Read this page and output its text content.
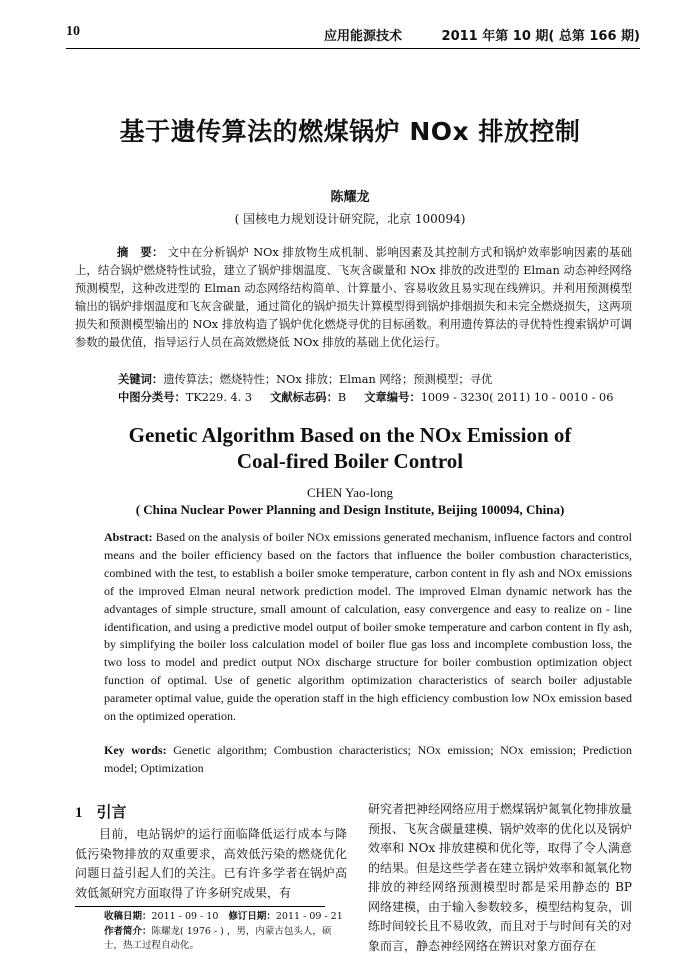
10	应用能源技术	2011 年第 10 期( 总第 166 期)
基于遗传算法的燃煤锅炉 NOx 排放控制
陈耀龙
( 国核电力规划设计研究院，北京 100094)
摘　要： 文中在分析锅炉 NOx 排放物生成机制、影响因素及其控制方式和锅炉效率影响因素的基础上，结合锅炉燃烧特性试验，建立了锅炉排烟温度、飞灰含碳量和 NOx 排放的改进型的 Elman 动态神经网络预测模型，这种改进型的 Elman 动态网络结构简单、计算量小、容易收敛且易实现在线辨识。并利用预测模型输出的锅炉排烟温度和飞灰含碳量，通过简化的锅炉损失计算模型得到锅炉排烟损失和未完全燃烧损失，这两项损失和预测模型输出的 NOx 排放构造了锅炉优化燃烧寻优的目标函数。利用遗传算法的寻优特性搜索锅炉可调参数的最优值，指导运行人员在高效燃烧低 NOx 排放的基础上优化运行。
关键词：遗传算法；燃烧特性；NOx 排放；Elman 网络；预测模型；寻优
中图分类号：TK229. 4. 3 文献标志码：B 文章编号：1009 - 3230( 2011) 10 - 0010 - 06
Genetic Algorithm Based on the NOx Emission of
Coal-fired Boiler Control
CHEN Yao-long
( China Nuclear Power Planning and Design Institute, Beijing 100094, China)
Abstract: Based on the analysis of boiler NOx emissions generated mechanism, influence factors and control means and the boiler efficiency based on the factors that influence the boiler combustion characteristics, combined with the test, to establish a boiler smoke temperature, carbon content in fly ash and NOx emissions of the improved Elman neural network prediction model. The improved Elman dynamic network has the advantages of simple structure, small amount of calculation, easy convergence and easy to realize on - line identification, and using a predictive model output of boiler smoke temperature and carbon content in fly ash, by simplifying the boiler loss calculation model of boiler flue gas loss and incomplete combustion loss, the two loss to model and predict output NOx discharge structure for boiler combustion optimization object function of optimal. Use of genetic algorithm optimization characteristics of search boiler adjustable parameter optimal value, guide the operation staff in the high efficiency combustion low NOx emission based on the optimized operation.
Key words: Genetic algorithm; Combustion characteristics; NOx emission; NOx emission; Prediction model; Optimization
1 引言
目前，电站锅炉的运行面临降低运行成本与降低污染物排放的双重要求，高效低污染的燃烧优化问题日益引起人们的关注。已有许多学者在锅炉高效低氮研究方面取得了许多研究成果，有
研究者把神经网络应用于燃煤锅炉氮氧化物排放量预报、飞灰含碳量建模、锅炉效率的优化以及锅炉效率和 NOx 排放建模和优化等，取得了令人满意的结果。但是这些学者在建立锅炉效率和氮氧化物排放的神经网络预测模型时都是采用静态的 BP 网络建模，由于输入参数较多，模型结构复杂，训练时间较长且不易收敛，而且对于与时间有关的对象而言，静态神经网络在辨识对象方面存在
收稿日期：2011 - 09 - 10 修订日期：2011 - 09 - 21
作者简介：陈耀龙( 1976 - ) ，男，内蒙古包头人，硕士，热工过程自动化。
